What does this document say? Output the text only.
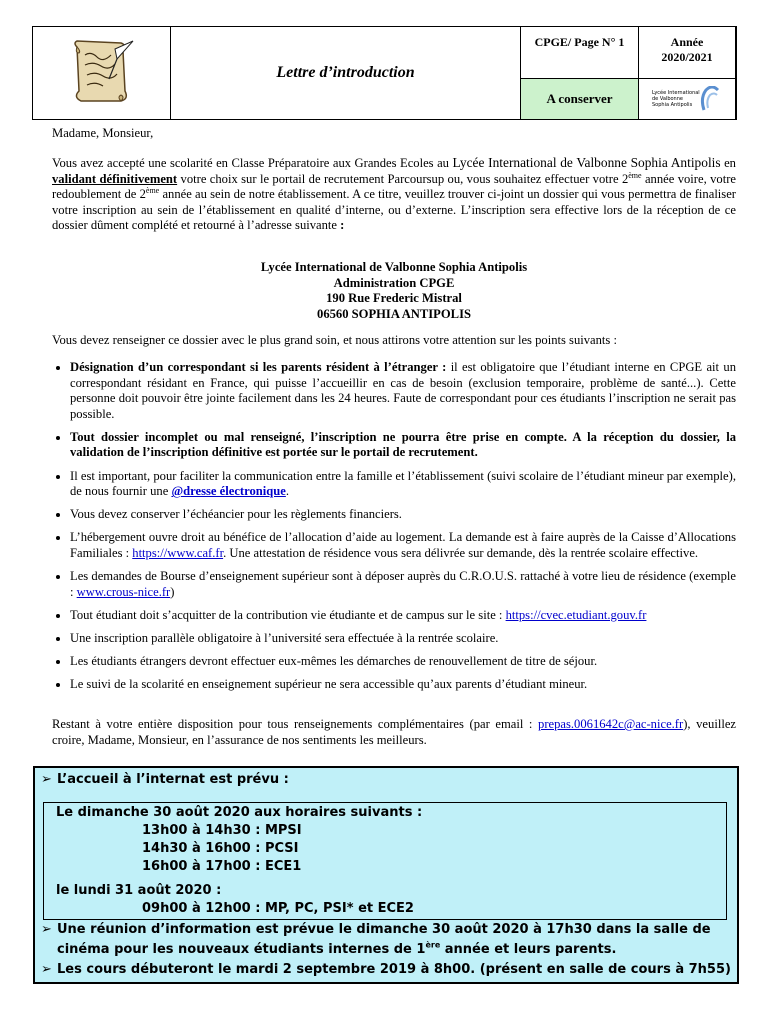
Lettre d’introduction
CPGE/ Page N° 1
A conserver
Année
2020/2021
Lycée International
de Valbonne
Sophia Antipolis
Madame, Monsieur,
Vous avez accepté une scolarité en Classe Préparatoire aux Grandes Ecoles au Lycée International de Valbonne Sophia Antipolis en validant définitivement votre choix sur le portail de recrutement Parcoursup ou, vous souhaitez effectuer votre 2ème année voire, votre redoublement de 2ème année au sein de notre établissement. A ce titre, veuillez trouver ci-joint un dossier qui vous permettra de finaliser votre inscription au sein de l’établissement en qualité d’interne, ou d’externe. L’inscription sera effective lors de la réception de ce dossier dûment complété et retourné à l’adresse suivante :
Lycée International de Valbonne Sophia Antipolis
Administration CPGE
190 Rue Frederic Mistral
06560 SOPHIA ANTIPOLIS
Vous devez renseigner ce dossier avec le plus grand soin, et nous attirons votre attention sur les points suivants :
• Désignation d’un correspondant si les parents résident à l’étranger : il est obligatoire que l’étudiant interne en CPGE ait un correspondant résidant en France, qui puisse l’accueillir en cas de besoin (exclusion temporaire, problème de santé...). Cette personne doit pouvoir être jointe facilement dans les 24 heures. Faute de correspondant pour ces étudiants l’inscription ne serait pas possible.
• Tout dossier incomplet ou mal renseigné, l’inscription ne pourra être prise en compte. A la réception du dossier, la validation de l’inscription définitive est portée sur le portail de recrutement.
• Il est important, pour faciliter la communication entre la famille et l’établissement (suivi scolaire de l’étudiant mineur par exemple), de nous fournir une @dresse électronique.
• Vous devez conserver l’échéancier pour les règlements financiers.
• L’hébergement ouvre droit au bénéfice de l’allocation d’aide au logement. La demande est à faire auprès de la Caisse d’Allocations Familiales : https://www.caf.fr. Une attestation de résidence vous sera délivrée sur demande, dès la rentrée scolaire effective.
• Les demandes de Bourse d’enseignement supérieur sont à déposer auprès du C.R.O.U.S. rattaché à votre lieu de résidence (exemple : www.crous-nice.fr)
• Tout étudiant doit s’acquitter de la contribution vie étudiante et de campus sur le site : https://cvec.etudiant.gouv.fr
• Une inscription parallèle obligatoire à l’université sera effectuée à la rentrée scolaire.
• Les étudiants étrangers devront effectuer eux-mêmes les démarches de renouvellement de titre de séjour.
• Le suivi de la scolarité en enseignement supérieur ne sera accessible qu’aux parents d’étudiant mineur.
Restant à votre entière disposition pour tous renseignements complémentaires (par email : prepas.0061642c@ac-nice.fr), veuillez croire, Madame, Monsieur, en l’assurance de nos sentiments les meilleurs.
➢ L’accueil à l’internat est prévu :
Le dimanche 30 août 2020 aux horaires suivants :
13h00 à 14h30 : MPSI
14h30 à 16h00 : PCSI
16h00 à 17h00 : ECE1
le lundi 31 août 2020 :
09h00 à 12h00 : MP, PC, PSI* et ECE2
➢ Une réunion d’information est prévue le dimanche 30 août 2020 à 17h30 dans la salle de
cinéma pour les nouveaux étudiants internes de 1ère année et leurs parents.
➢ Les cours débuteront le mardi 2 septembre 2019 à 8h00. (présent en salle de cours à 7h55)
